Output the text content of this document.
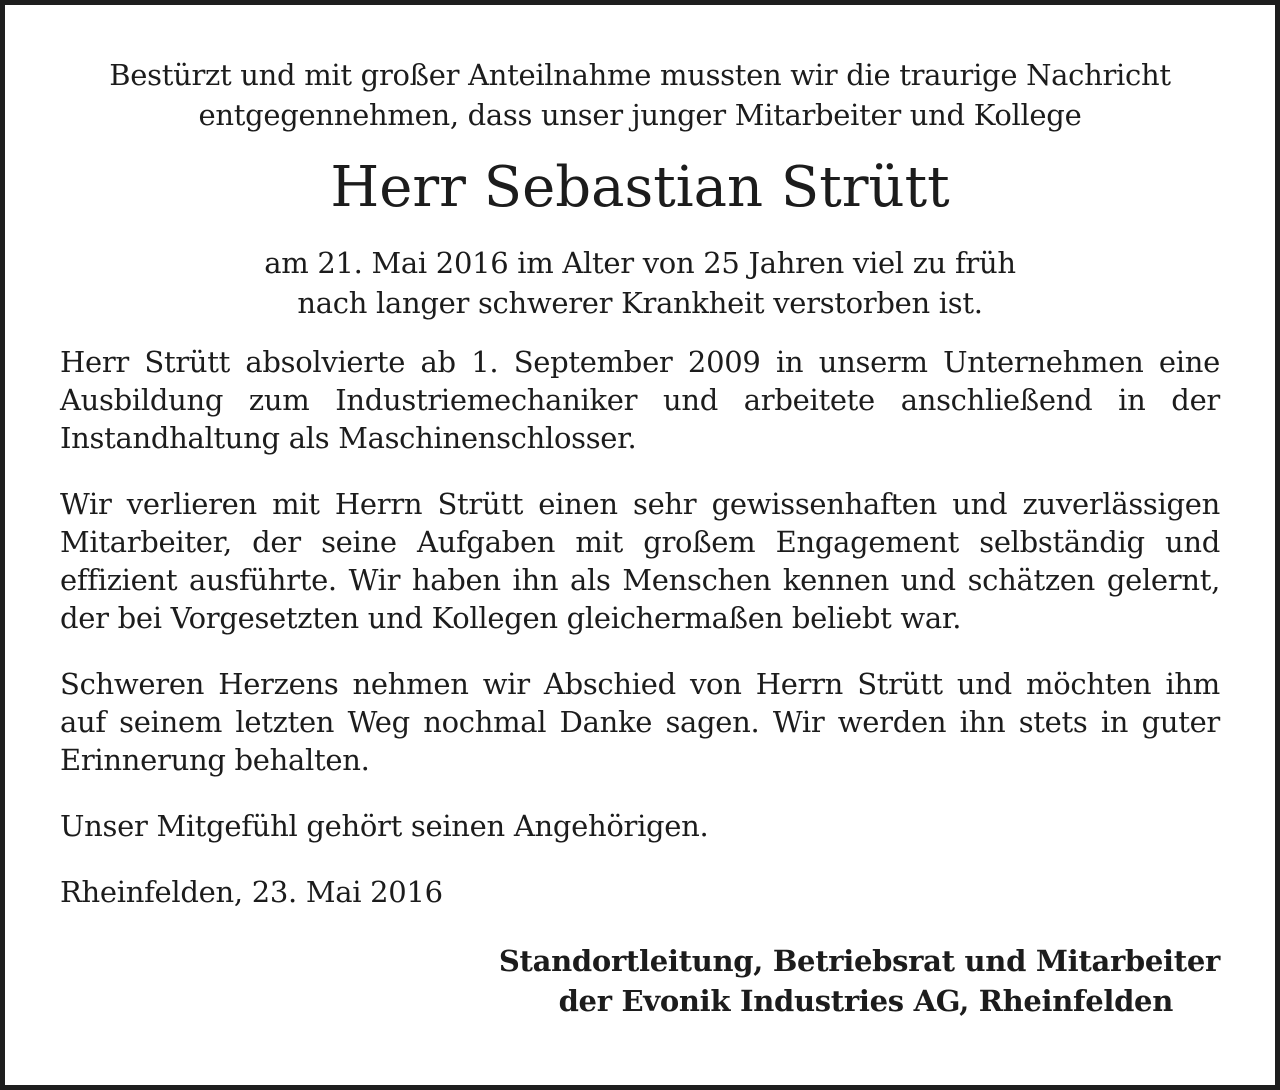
Bestürzt und mit großer Anteilnahme mussten wir die traurige Nachricht
entgegennehmen, dass unser junger Mitarbeiter und Kollege
Herr Sebastian Strütt
am 21. Mai 2016 im Alter von 25 Jahren viel zu früh
nach langer schwerer Krankheit verstorben ist.

Herr Strütt absolvierte ab 1. September 2009 in unserm Unternehmen eine Ausbildung zum Industriemechaniker und arbeitete anschließend in der Instandhaltung als Maschinenschlosser.

Wir verlieren mit Herrn Strütt einen sehr gewissenhaften und zuverlässigen Mitarbeiter, der seine Aufgaben mit großem Engagement selbständig und effizient ausführte. Wir haben ihn als Menschen kennen und schätzen gelernt, der bei Vorgesetzten und Kollegen gleichermaßen beliebt war.

Schweren Herzens nehmen wir Abschied von Herrn Strütt und möchten ihm auf seinem letzten Weg nochmal Danke sagen. Wir werden ihn stets in guter Erinnerung behalten.

Unser Mitgefühl gehört seinen Angehörigen.

Rheinfelden, 23. Mai 2016

Standortleitung, Betriebsrat und Mitarbeiter
der Evonik Industries AG, Rheinfelden
